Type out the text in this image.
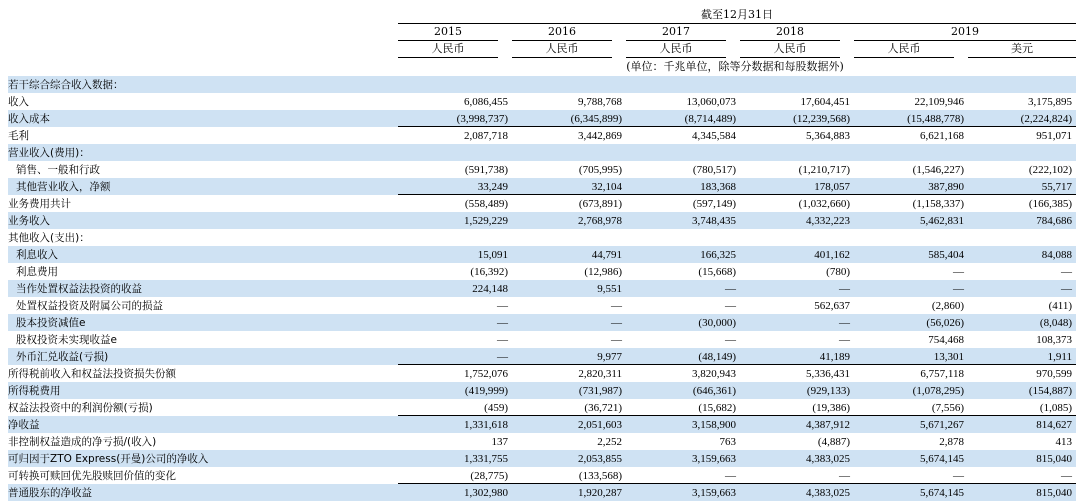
截至12月31日
2015	2016	2017	2018	2019
人民币	人民币	人民币	人民币	人民币	美元
(单位：千兆单位，除等分数据和每股数据外)
若干综合综合收入数据：						
收入	6,086,455	9,788,768	13,060,073	17,604,451	22,109,946	3,175,895
收入成本	(3,998,737)	(6,345,899)	(8,714,489)	(12,239,568)	(15,488,778)	(2,224,824)
毛利	2,087,718	3,442,869	4,345,584	5,364,883	6,621,168	951,071
营业收入(费用)：						
销售、一般和行政	(591,738)	(705,995)	(780,517)	(1,210,717)	(1,546,227)	(222,102)
其他营业收入，净额	33,249	32,104	183,368	178,057	387,890	55,717
业务费用共计	(558,489)	(673,891)	(597,149)	(1,032,660)	(1,158,337)	(166,385)
业务收入	1,529,229	2,768,978	3,748,435	4,332,223	5,462,831	784,686
其他收入(支出)：						
利息收入	15,091	44,791	166,325	401,162	585,404	84,088
利息费用	(16,392)	(12,986)	(15,668)	(780)	—	—
当作处置权益法投资的收益	224,148	9,551	—	—	—	—
处置权益投资及附属公司的损益	—	—	—	562,637	(2,860)	(411)
股本投资减值e	—	—	(30,000)	—	(56,026)	(8,048)
股权投资未实现收益e	—	—	—	—	754,468	108,373
外币汇兑收益(亏损)	—	9,977	(48,149)	41,189	13,301	1,911
所得税前收入和权益法投资损失份额	1,752,076	2,820,311	3,820,943	5,336,431	6,757,118	970,599
所得税费用	(419,999)	(731,987)	(646,361)	(929,133)	(1,078,295)	(154,887)
权益法投资中的利润份额(亏损)	(459)	(36,721)	(15,682)	(19,386)	(7,556)	(1,085)
净收益	1,331,618	2,051,603	3,158,900	4,387,912	5,671,267	814,627
非控制权益造成的净亏损/(收入)	137	2,252	763	(4,887)	2,878	413
可归因于ZTO Express(开曼)公司的净收入	1,331,755	2,053,855	3,159,663	4,383,025	5,674,145	815,040
可转换可赎回优先股赎回价值的变化	(28,775)	(133,568)	—	—	—	—
普通股东的净收益	1,302,980	1,920,287	3,159,663	4,383,025	5,674,145	815,040
